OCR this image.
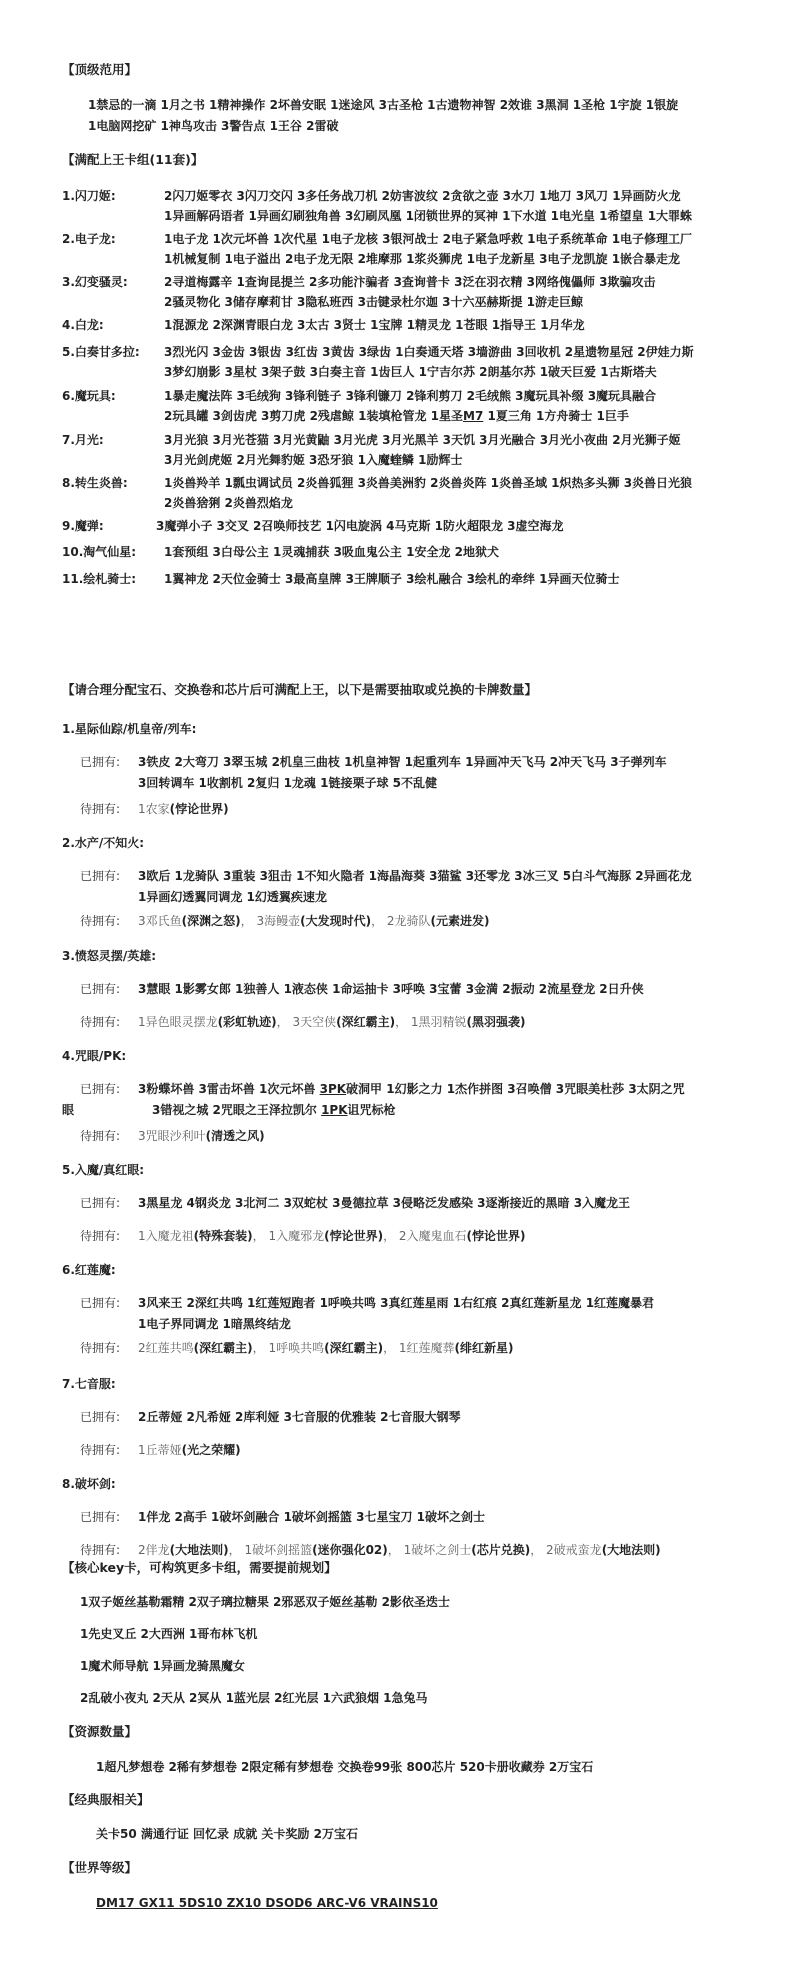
【顶级范用】
1禁忌的一滴 1月之书 1精神操作 2坏兽安眠 1迷途风 3古圣枪 1古遗物神智 2效谁 3黑洞 1圣枪 1宇旋 1银旋
1电脑网挖矿 1神鸟攻击 3警告点 1王谷 2雷破
【满配上王卡组(11套)】
1.闪刀姬:	2闪刀姬零衣 3闪刀交闪 3多任务战刀机 2妨害波纹 2贪欲之壶 3水刀 1地刀 3风刀 1异画防火龙
1异画解码语者 1异画幻刷独角兽 3幻刷凤凰 1闭锁世界的冥神 1下水道 1电光皇 1希望皇 1大罪蛛
2.电子龙:	1电子龙 1次元坏兽 1次代星 1电子龙核 3银河战士 2电子紧急呼救 1电子系统革命 1电子修理工厂
1机械复制 1电子溢出 2电子龙无限 2堆摩那 1浆炎狮虎 1电子龙新星 3电子龙凯旋 1嵌合暴走龙
3.幻变骚灵:	2寻道梅露辛 1查询昆提兰 2多功能汴骗者 3查询普卡 3泛在羽衣精 3网络傀儡师 3欺骗攻击
2骚灵物化 3储存摩莉甘 3隐私班西 3击键录杜尔迦 3十六巫赫斯提 1游走巨鲸
4.白龙:	1混源龙 2深渊青眼白龙 3太古 3贤士 1宝牌 1精灵龙 1苍眼 1指导王 1月华龙
5.白奏甘多拉: 3烈光闪 3金齿 3银齿 3红齿 3黄齿 3绿齿 1白奏通天塔 3墙游曲 3回收机 2星遗物星冠 2伊娃力斯
3梦幻崩影 3星杖 3架子鼓 3白奏主音 1齿巨人 1宁吉尔苏 2朗基尔苏 1破天巨爱 1古斯塔夫
6.魔玩具:	1暴走魔法阵 3毛绒狗 3锋利链子 3锋利镰刀 2锋利剪刀 2毛绒熊 3魔玩具补缀 3魔玩具融合
2玩具罐 3剑齿虎 3剪刀虎 2残虐鲸 1装填枪管龙 1星圣M7 1夏三角 1方舟骑士 1巨手
7.月光:	3月光狼 3月光苍猫 3月光黄鼬 3月光虎 3月光黑羊 3天饥 3月光融合 3月光小夜曲 2月光狮子姬
3月光剑虎姬 2月光舞豹姬 3恐牙狼 1入魔蝰鳞 1励辉士
8.转生炎兽:	1炎兽羚羊 1瓢虫调试员 2炎兽狐狸 3炎兽美洲豹 2炎兽炎阵 1炎兽圣域 1炽热多头狮 3炎兽日光狼
2炎兽猞猁 2炎兽烈焰龙
9.魔弹:	3魔弹小子 3交叉 2召唤师技艺 1闪电旋涡 4马克斯 1防火超限龙 3虚空海龙
10.淘气仙星: 1套预组 3白母公主 1灵魂捕获 3吸血鬼公主 1安全龙 2地狱犬
11.绘札骑士: 1翼神龙 2天位金骑士 3最高皇牌 3王牌顺子 3绘札融合 3绘札的牵绊 1异画天位骑士
【请合理分配宝石、交换卷和芯片后可满配上王，以下是需要抽取或兑换的卡牌数量】
1.星际仙踪/机皇帝/列车:
已拥有: 3铁皮 2大弯刀 3翠玉城 2机皇三曲枝 1机皇神智 1起重列车 1异画冲天飞马 2冲天飞马 3子弹列车
3回转调车 1收割机 2复归 1龙魂 1链接栗子球 5不乱健
待拥有: 1农家(悖论世界)
2.水产/不知火:
已拥有: 3欧后 1龙骑队 3重装 3狙击 1不知火隐者 1海晶海葵 3猫鲨 3还零龙 3冰三叉 5白斗气海豚 2异画花龙
1异画幻透翼同调龙 1幻透翼疾速龙
待拥有: 3邓氏鱼(深渊之怒)， 3海鳗壶(大发现时代)， 2龙骑队(元素进发)
3.愤怒灵摆/英雄:
已拥有: 3慧眼 1影雾女郎 1独善人 1液态侠 1命运抽卡 3呼唤 3宝蕾 3金満 2振动 2流星登龙 2日升侠
待拥有: 1异色眼灵摆龙(彩虹轨迹)， 3天空侠(深红霸主)， 1黑羽精锐(黑羽强袭)
4.咒眼/PK:
已拥有: 3粉蝶坏兽 3雷击坏兽 1次元坏兽 3PK破洞甲 1幻影之力 1杰作拼图 3召唤僧 3咒眼美杜莎 3太阴之咒
眼	3错视之城 2咒眼之王泽拉凯尔 1PK诅咒标枪
待拥有: 3咒眼沙利叶(清透之风)
5.入魔/真红眼:
已拥有: 3黑星龙 4钢炎龙 3北河二 3双蛇杖 3曼德拉草 3侵略泛发感染 3逐渐接近的黑暗 3入魔龙王
待拥有: 1入魔龙祖(特殊套装)， 1入魔邪龙(悖论世界)， 2入魔鬼血石(悖论世界)
6.红莲魔:
已拥有: 3风来王 2深红共鸣 1红莲短跑者 1呼唤共鸣 3真红莲星雨 1右红痕 2真红莲新星龙 1红莲魔暴君
1电子界同调龙 1暗黑终结龙
待拥有: 2红莲共鸣(深红霸主)， 1呼唤共鸣(深红霸主)， 1红莲魔葬(绯红新星)
7.七音服:
已拥有: 2丘蒂娅 2凡希娅 2库利娅 3七音服的优雅装 2七音服大钢琴
待拥有: 1丘蒂娅(光之荣耀)
8.破坏剑:
已拥有: 1伴龙 2高手 1破坏剑融合 1破坏剑摇篮 3七星宝刀 1破坏之剑士
待拥有: 2伴龙(大地法则)， 1破坏剑摇篮(迷你强化02)， 1破坏之剑士(芯片兑换)， 2破戒蛮龙(大地法则)
【核心key卡，可构筑更多卡组，需要提前规划】
1双子姬丝基勒霜精 2双子璃拉糖果 2邪恶双子姬丝基勒 2影依圣迭士
1先史叉丘 2大西洲 1哥布林飞机
1魔术师导航 1异画龙骑黑魔女
2乱破小夜丸 2天从 2冥从 1蓝光层 2红光层 1六武狼烟 1急兔马
【资源数量】
1超凡梦想卷 2稀有梦想卷 2限定稀有梦想卷 交换卷99张 800芯片 520卡册收藏券 2万宝石
【经典服相关】
关卡50 满通行证 回忆录 成就 关卡奖励 2万宝石
【世界等级】
DM17 GX11 5DS10 ZX10 DSOD6 ARC-V6 VRAINS10
